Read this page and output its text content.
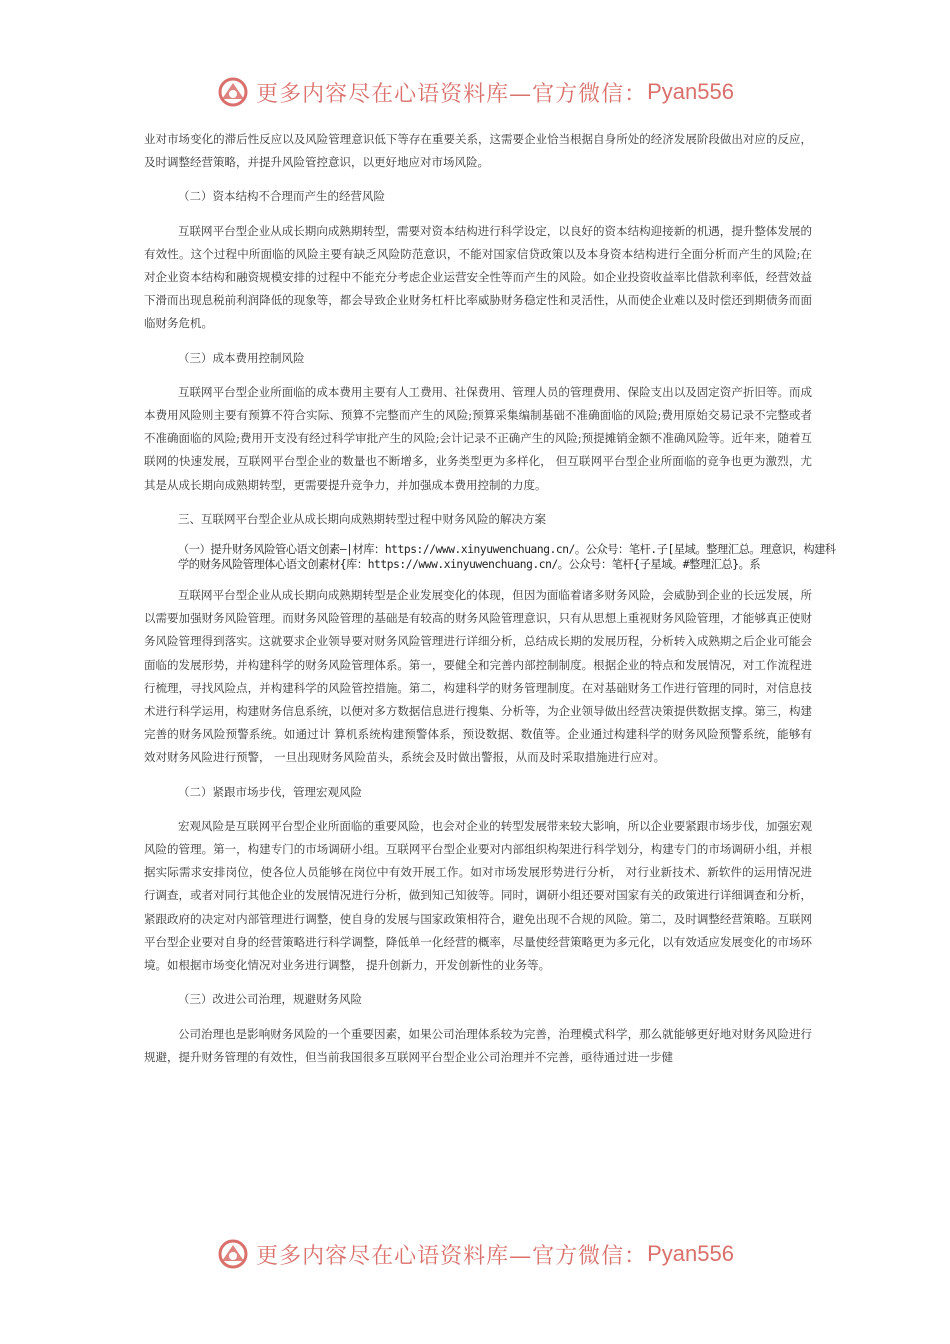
更多内容尽在心语资料库—官方微信： Pyan556

业对市场变化的滞后性反应以及风险管理意识低下等存在重要关系，这需要企业恰当根据自身所处的经济发展阶段做出对应的反应，及时调整经营策略，并提升风险管控意识，以更好地应对市场风险。

（二）资本结构不合理而产生的经营风险

互联网平台型企业从成长期向成熟期转型，需要对资本结构进行科学设定，以良好的资本结构迎接新的机遇，提升整体发展的有效性。这个过程中所面临的风险主要有缺乏风险防范意识，不能对国家信贷政策以及本身资本结构进行全面分析而产生的风险;在对企业资本结构和融资规模安排的过程中不能充分考虑企业运营安全性等而产生的风险。如企业投资收益率比借款利率低，经营效益下滑而出现息税前利润降低的现象等，都会导致企业财务杠杆比率威胁财务稳定性和灵活性，从而使企业难以及时偿还到期债务而面临财务危机。

（三）成本费用控制风险

互联网平台型企业所面临的成本费用主要有人工费用、社保费用、管理人员的管理费用、保险支出以及固定资产折旧等。而成本费用风险则主要有预算不符合实际、预算不完整而产生的风险;预算采集编制基础不准确面临的风险;费用原始交易记录不完整或者不准确面临的风险;费用开支没有经过科学审批产生的风险;会计记录不正确产生的风险;预提摊销金额不准确风险等。近年来，随着互联网的快速发展，互联网平台型企业的数量也不断增多，业务类型更为多样化， 但互联网平台型企业所面临的竞争也更为激烈，尤其是从成长期向成熟期转型，更需要提升竞争力，并加强成本费用控制的力度。

三、互联网平台型企业从成长期向成熟期转型过程中财务风险的解决方案

（一）提升财务风险管心语文创素—|材库：https://www.xinyuwenchuang.cn/。公众号：笔杆.子[星域。整理汇总。理意识，构建科学的财务风险管理体心语文创素材{库：https://www.xinyuwenchuang.cn/。公众号：笔杆{子星域。#整理汇总}。系

互联网平台型企业从成长期向成熟期转型是企业发展变化的体现，但因为面临着诸多财务风险，会威胁到企业的长远发展，所以需要加强财务风险管理。而财务风险管理的基础是有较高的财务风险管理意识，只有从思想上重视财务风险管理，才能够真正使财务风险管理得到落实。这就要求企业领导要对财务风险管理进行详细分析，总结成长期的发展历程，分析转入成熟期之后企业可能会面临的发展形势，并构建科学的财务风险管理体系。第一，要健全和完善内部控制制度。根据企业的特点和发展情况，对工作流程进行梳理，寻找风险点，并构建科学的风险管控措施。第二，构建科学的财务管理制度。在对基础财务工作进行管理的同时，对信息技术进行科学运用，构建财务信息系统，以便对多方数据信息进行搜集、分析等，为企业领导做出经营决策提供数据支撑。第三，构建完善的财务风险预警系统。如通过计 算机系统构建预警体系，预设数据、数值等。企业通过构建科学的财务风险预警系统，能够有效对财务风险进行预警， 一旦出现财务风险苗头，系统会及时做出警报，从而及时采取措施进行应对。

（二）紧跟市场步伐，管理宏观风险

宏观风险是互联网平台型企业所面临的重要风险，也会对企业的转型发展带来较大影响，所以企业要紧跟市场步伐，加强宏观风险的管理。第一，构建专门的市场调研小组。互联网平台型企业要对内部组织构架进行科学划分，构建专门的市场调研小组，并根据实际需求安排岗位，使各位人员能够在岗位中有效开展工作。如对市场发展形势进行分析， 对行业新技术、新软件的运用情况进行调查，或者对同行其他企业的发展情况进行分析，做到知己知彼等。同时，调研小组还要对国家有关的政策进行详细调查和分析，紧跟政府的决定对内部管理进行调整，使自身的发展与国家政策相符合，避免出现不合规的风险。第二，及时调整经营策略。互联网平台型企业要对自身的经营策略进行科学调整，降低单一化经营的概率，尽量使经营策略更为多元化，以有效适应发展变化的市场环境。如根据市场变化情况对业务进行调整， 提升创新力，开发创新性的业务等。

（三）改进公司治理，规避财务风险

公司治理也是影响财务风险的一个重要因素，如果公司治理体系较为完善，治理模式科学，那么就能够更好地对财务风险进行规避，提升财务管理的有效性，但当前我国很多互联网平台型企业公司治理并不完善，亟待通过进一步健

更多内容尽在心语资料库—官方微信： Pyan556
